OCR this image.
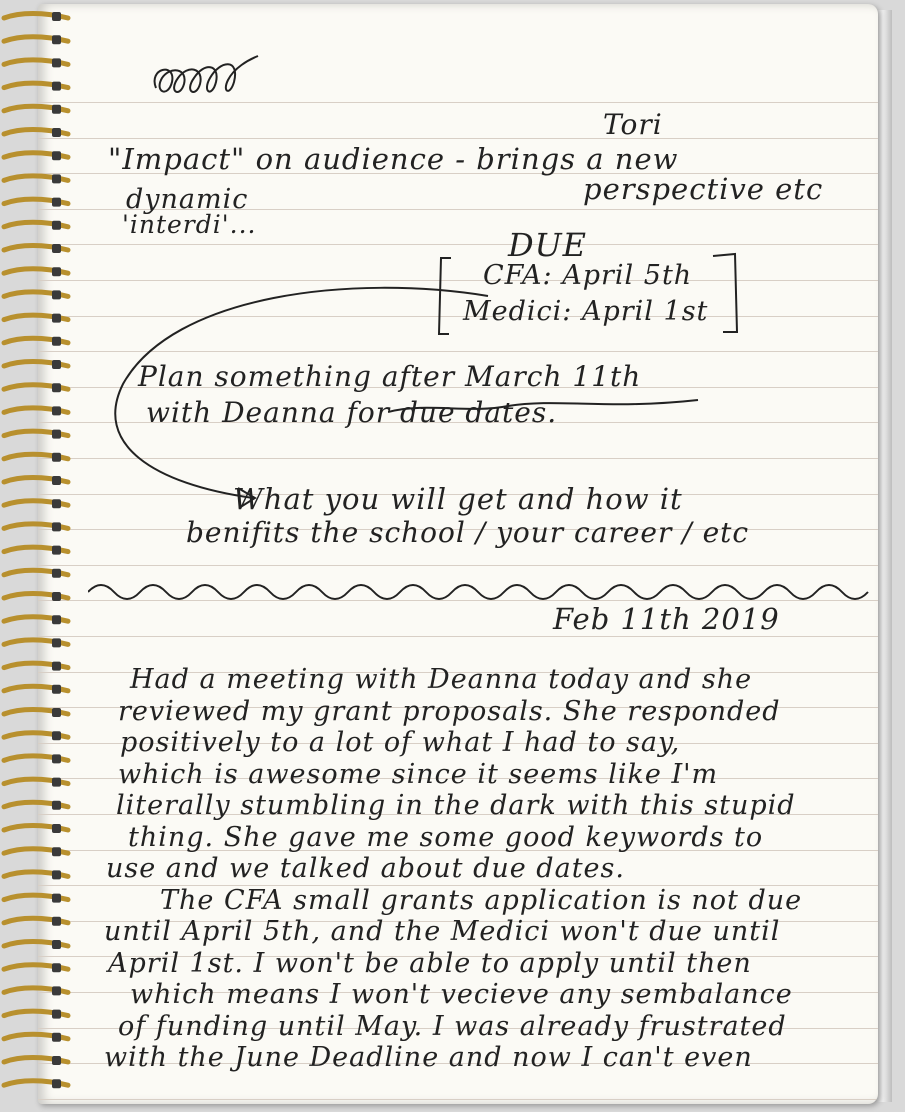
Tori
"Impact" on audience - brings a new
dynamic	perspective etc
'interdi'...
DUE
CFA: April 5th
Medici: April 1st
Plan something after March 11th
with Deanna for due dates.
What you will get and how it
benifits the school / your career / etc
Feb 11th 2019
Had a meeting with Deanna today and she
reviewed my grant proposals. She responded
positively to a lot of what I had to say,
which is awesome since it seems like I'm
literally stumbling in the dark with this stupid
thing. She gave me some good keywords to
use and we talked about due dates.
The CFA small grants application is not due
until April 5th, and the Medici won't due until
April 1st. I won't be able to apply until then
which means I won't vecieve any sembalance
of funding until May. I was already frustrated
with the June Deadline and now I can't even
